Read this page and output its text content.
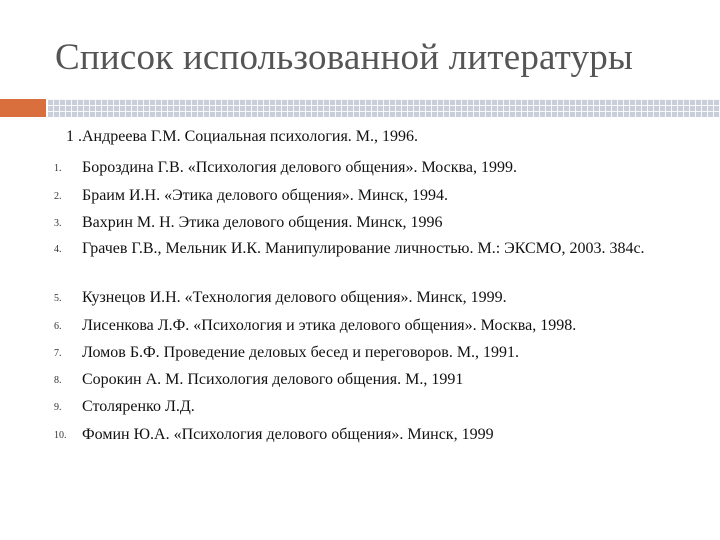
Список использованной литературы
1 .Андреева Г.М. Социальная психология. М., 1996.
1. Бороздина Г.В. «Психология делового общения». Москва, 1999.
2. Браим И.Н. «Этика делового общения». Минск, 1994.
3. Вахрин М. Н. Этика делового общения. Минск, 1996
4. Грачев Г.В., Мельник И.К. Манипулирование личностью. М.: ЭКСМО, 2003. 384с.
5. Кузнецов И.Н. «Технология делового общения». Минск, 1999.
6. Лисенкова Л.Ф. «Психология и этика делового общения». Москва, 1998.
7. Ломов Б.Ф. Проведение деловых бесед и переговоров. М., 1991.
8. Сорокин А. М. Психология делового общения. М., 1991
9. Столяренко Л.Д.
10. Фомин Ю.А. «Психология делового общения». Минск, 1999
